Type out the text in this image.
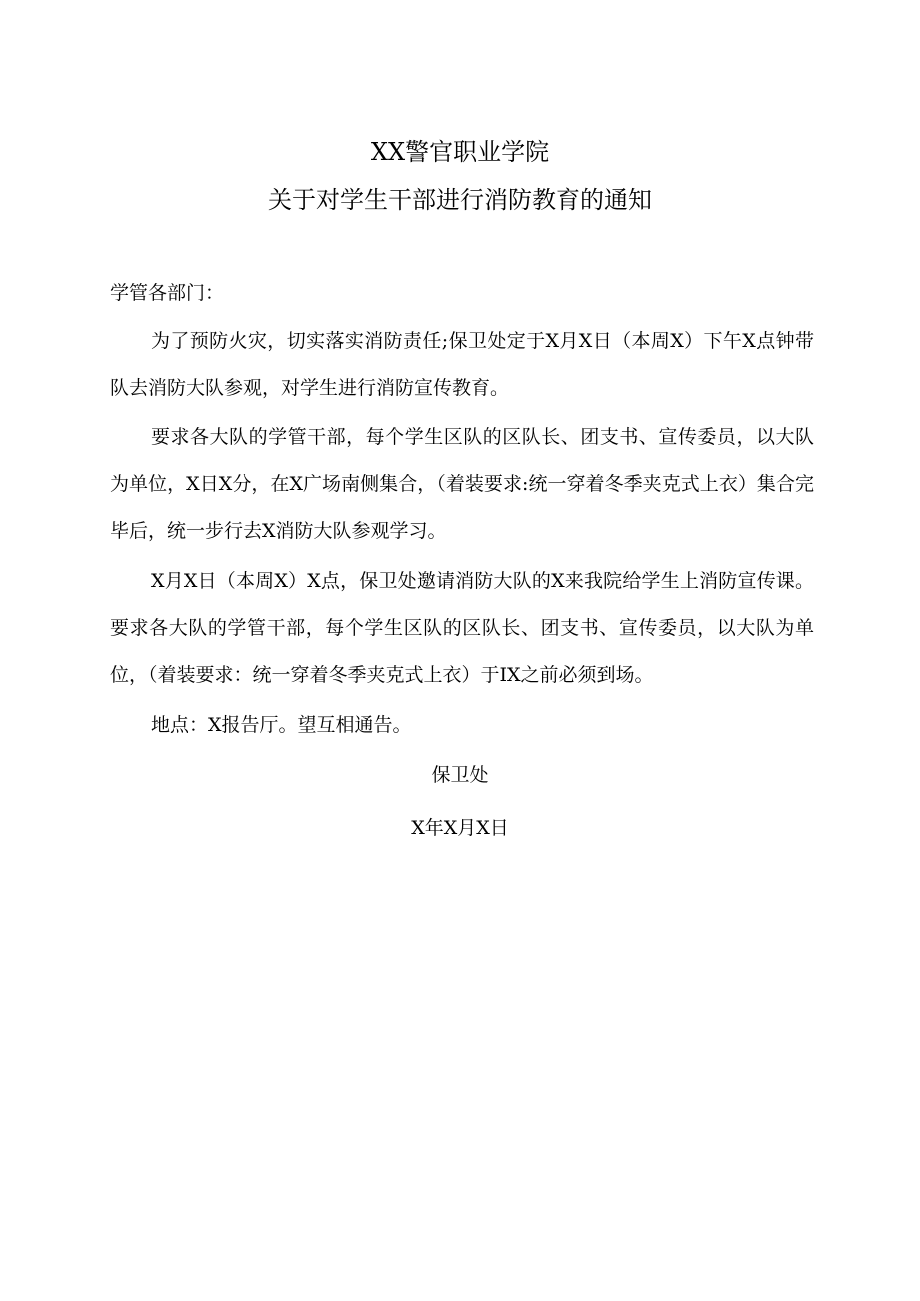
XX警官职业学院
关于对学生干部进行消防教育的通知
学管各部门：
为了预防火灾，切实落实消防责任;保卫处定于X月X日（本周X）下午X点钟带队去消防大队参观，对学生进行消防宣传教育。
要求各大队的学管干部，每个学生区队的区队长、团支书、宣传委员，以大队为单位，X日X分，在X广场南侧集合，（着装要求:统一穿着冬季夹克式上衣）集合完毕后，统一步行去X消防大队参观学习。
X月X日（本周X）X点，保卫处邀请消防大队的X来我院给学生上消防宣传课。要求各大队的学管干部，每个学生区队的区队长、团支书、宣传委员，以大队为单位，（着装要求：统一穿着冬季夹克式上衣）于IX之前必须到场。
地点：X报告厅。望互相通告。
保卫处
X年X月X日
